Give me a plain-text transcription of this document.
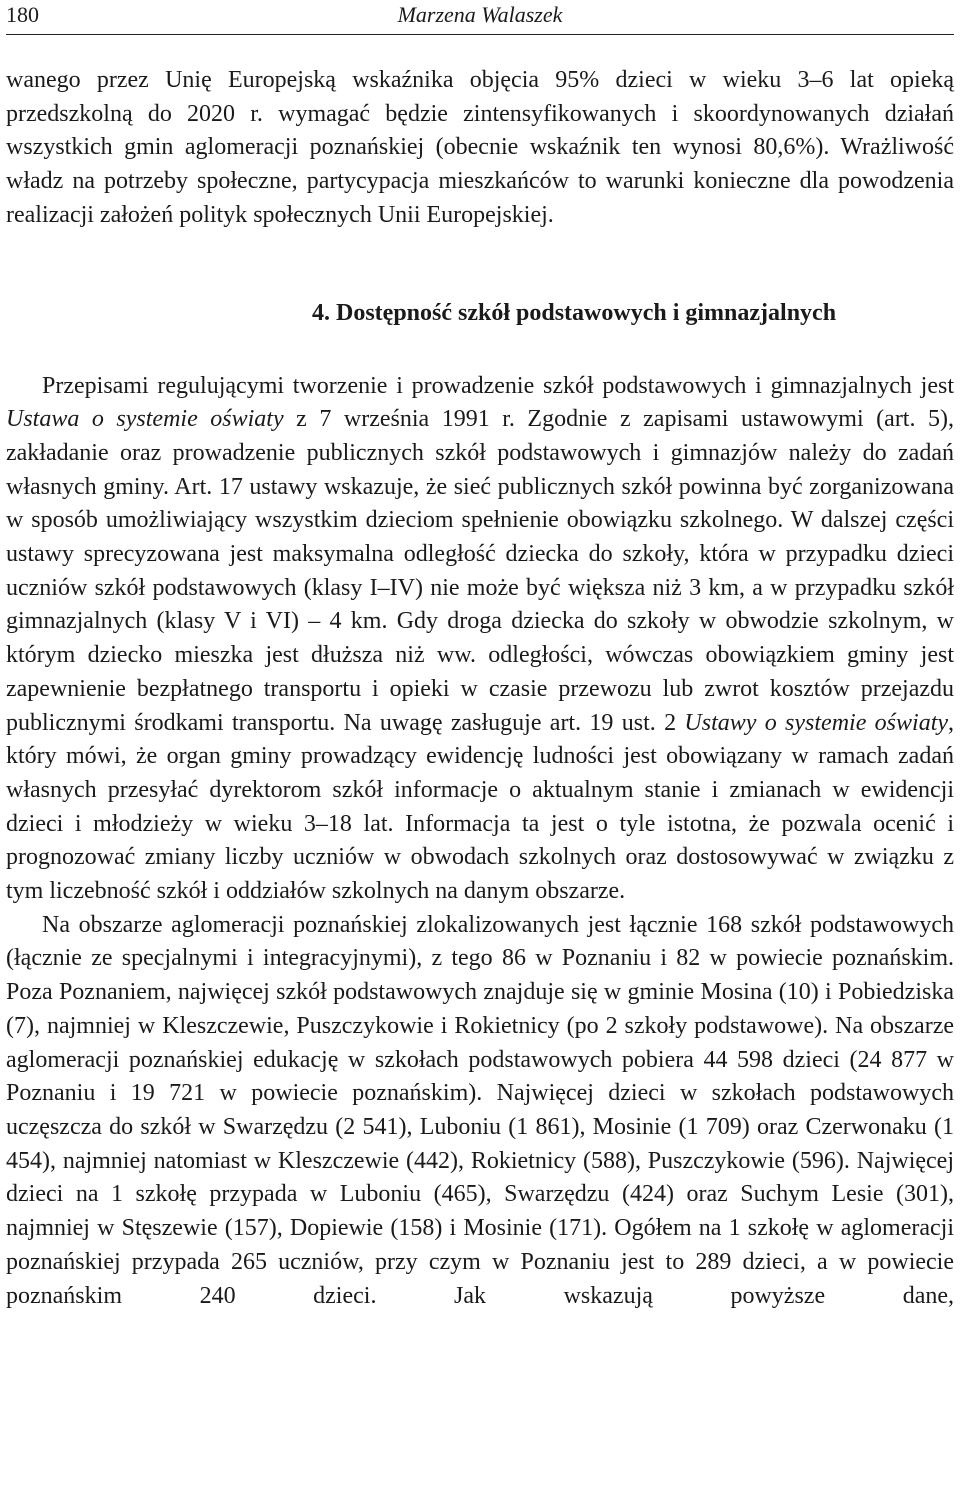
180	Marzena Walaszek

wanego przez Unię Europejską wskaźnika objęcia 95% dzieci w wieku 3–6 lat opieką przedszkolną do 2020 r. wymagać będzie zintensyfikowanych i skoordynowanych działań wszystkich gmin aglomeracji poznańskiej (obecnie wskaźnik ten wynosi 80,6%). Wrażliwość władz na potrzeby społeczne, partycypacja mieszkańców to warunki konieczne dla powodzenia realizacji założeń polityk społecznych Unii Europejskiej.

4. Dostępność szkół podstawowych i gimnazjalnych

Przepisami regulującymi tworzenie i prowadzenie szkół podstawowych i gimnazjalnych jest Ustawa o systemie oświaty z 7 września 1991 r. Zgodnie z zapisami ustawowymi (art. 5), zakładanie oraz prowadzenie publicznych szkół podstawowych i gimnazjów należy do zadań własnych gminy. Art. 17 ustawy wskazuje, że sieć publicznych szkół powinna być zorganizowana w sposób umożliwiający wszystkim dzieciom spełnienie obowiązku szkolnego. W dalszej części ustawy sprecyzowana jest maksymalna odległość dziecka do szkoły, która w przypadku dzieci uczniów szkół podstawowych (klasy I–IV) nie może być większa niż 3 km, a w przypadku szkół gimnazjalnych (klasy V i VI) – 4 km. Gdy droga dziecka do szkoły w obwodzie szkolnym, w którym dziecko mieszka jest dłuższa niż ww. odległości, wówczas obowiązkiem gminy jest zapewnienie bezpłatnego transportu i opieki w czasie przewozu lub zwrot kosztów przejazdu publicznymi środkami transportu. Na uwagę zasługuje art. 19 ust. 2 Ustawy o systemie oświaty, który mówi, że organ gminy prowadzący ewidencję ludności jest obowiązany w ramach zadań własnych przesyłać dyrektorom szkół informacje o aktualnym stanie i zmianach w ewidencji dzieci i młodzieży w wieku 3–18 lat. Informacja ta jest o tyle istotna, że pozwala ocenić i prognozować zmiany liczby uczniów w obwodach szkolnych oraz dostosowywać w związku z tym liczebność szkół i oddziałów szkolnych na danym obszarze.

Na obszarze aglomeracji poznańskiej zlokalizowanych jest łącznie 168 szkół podstawowych (łącznie ze specjalnymi i integracyjnymi), z tego 86 w Poznaniu i 82 w powiecie poznańskim. Poza Poznaniem, najwięcej szkół podstawowych znajduje się w gminie Mosina (10) i Pobiedziska (7), najmniej w Kleszczewie, Puszczykowie i Rokietnicy (po 2 szkoły podstawowe). Na obszarze aglomeracji poznańskiej edukację w szkołach podstawowych pobiera 44 598 dzieci (24 877 w Poznaniu i 19 721 w powiecie poznańskim). Najwięcej dzieci w szkołach podstawowych uczęszcza do szkół w Swarzędzu (2 541), Luboniu (1 861), Mosinie (1 709) oraz Czerwonaku (1 454), najmniej natomiast w Kleszczewie (442), Rokietnicy (588), Puszczykowie (596). Najwięcej dzieci na 1 szkołę przypada w Luboniu (465), Swarzędzu (424) oraz Suchym Lesie (301), najmniej w Stęszewie (157), Dopiewie (158) i Mosinie (171). Ogółem na 1 szkołę w aglomeracji poznańskiej przypada 265 uczniów, przy czym w Poznaniu jest to 289 dzieci, a w powiecie poznańskim 240 dzieci. Jak wskazują powyższe dane,
